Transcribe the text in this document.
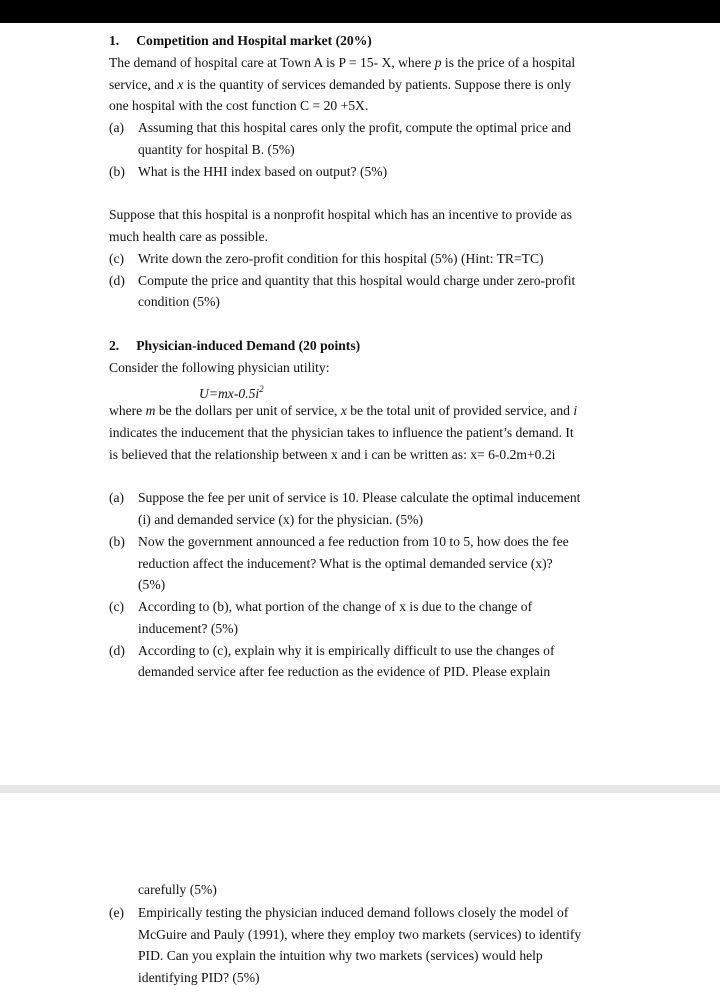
1. Competition and Hospital market (20%)
The demand of hospital care at Town A is P = 15- X, where p is the price of a hospital
service, and x is the quantity of services demanded by patients. Suppose there is only
one hospital with the cost function C = 20 +5X.
(a) Assuming that this hospital cares only the profit, compute the optimal price and
quantity for hospital B. (5%)
(b) What is the HHI index based on output? (5%)
Suppose that this hospital is a nonprofit hospital which has an incentive to provide as
much health care as possible.
(c) Write down the zero-profit condition for this hospital (5%) (Hint: TR=TC)
(d) Compute the price and quantity that this hospital would charge under zero-profit
condition (5%)
2. Physician-induced Demand (20 points)
Consider the following physician utility:
$U=mx-0.5i^2$
where m be the dollars per unit of service, x be the total unit of provided service, and i
indicates the inducement that the physician takes to influence the patient’s demand. It
is believed that the relationship between x and i can be written as: x= 6-0.2m+0.2i
(a) Suppose the fee per unit of service is 10. Please calculate the optimal inducement
(i) and demanded service (x) for the physician. (5%)
(b) Now the government announced a fee reduction from 10 to 5, how does the fee
reduction affect the inducement? What is the optimal demanded service (x)?
(5%)
(c) According to (b), what portion of the change of x is due to the change of
inducement? (5%)
(d) According to (c), explain why it is empirically difficult to use the changes of
demanded service after fee reduction as the evidence of PID. Please explain
carefully (5%)
(e) Empirically testing the physician induced demand follows closely the model of
McGuire and Pauly (1991), where they employ two markets (services) to identify
PID. Can you explain the intuition why two markets (services) would help
identifying PID? (5%)
